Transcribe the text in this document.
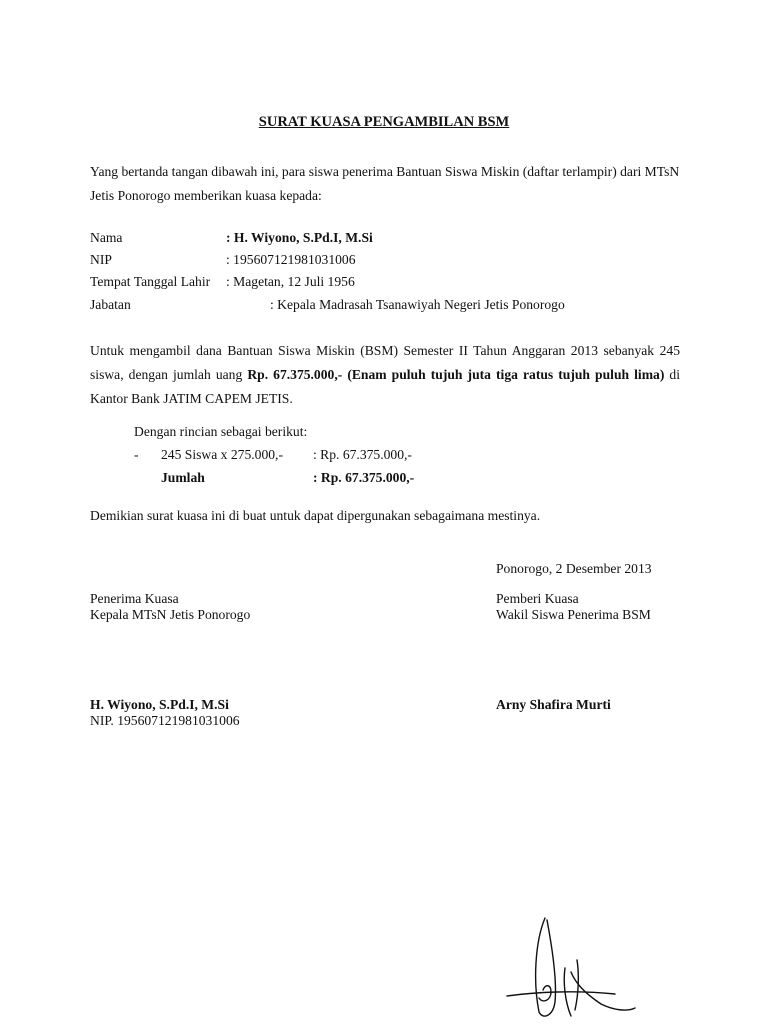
SURAT KUASA PENGAMBILAN BSM
Yang bertanda tangan dibawah ini, para siswa penerima Bantuan Siswa Miskin (daftar terlampir) dari MTsN Jetis Ponorogo memberikan kuasa kepada:
Nama	: H. Wiyono, S.Pd.I, M.Si
NIP	: 195607121981031006
Tempat Tanggal Lahir : Magetan, 12 Juli 1956
Jabatan	: Kepala Madrasah Tsanawiyah Negeri Jetis Ponorogo
Untuk mengambil dana Bantuan Siswa Miskin (BSM) Semester II Tahun Anggaran 2013 sebanyak 245 siswa, dengan jumlah uang Rp. 67.375.000,- (Enam puluh tujuh juta tiga ratus tujuh puluh lima) di Kantor Bank JATIM CAPEM JETIS.
Dengan rincian sebagai berikut:
- 245 Siswa x 275.000,- : Rp. 67.375.000,-
Jumlah	: Rp. 67.375.000,-
Demikian surat kuasa ini di buat untuk dapat dipergunakan sebagaimana mestinya.
Ponorogo, 2 Desember 2013
Penerima Kuasa
Kepala MTsN Jetis Ponorogo
Pemberi Kuasa
Wakil Siswa Penerima BSM
H. Wiyono, S.Pd.I, M.Si
NIP. 195607121981031006
Arny Shafira Murti
